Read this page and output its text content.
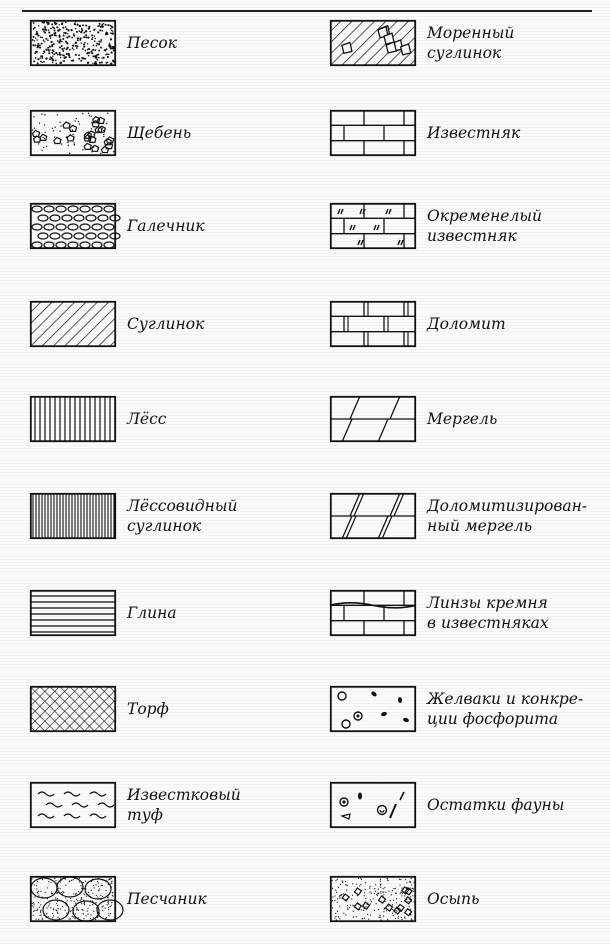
Песок
Щебень
Галечник
Суглинок
Лёсс
Лёссовидный
суглинок
Глина
Торф
Известковый
туф
Песчаник
Моренный
суглинок
Известняк
Окременелый
известняк
Доломит
Мергель
Доломитизирован-
ный мергель
Линзы кремня
в известняках
Желваки и конкре-
ции фосфорита
Остатки фауны
Осыпь
